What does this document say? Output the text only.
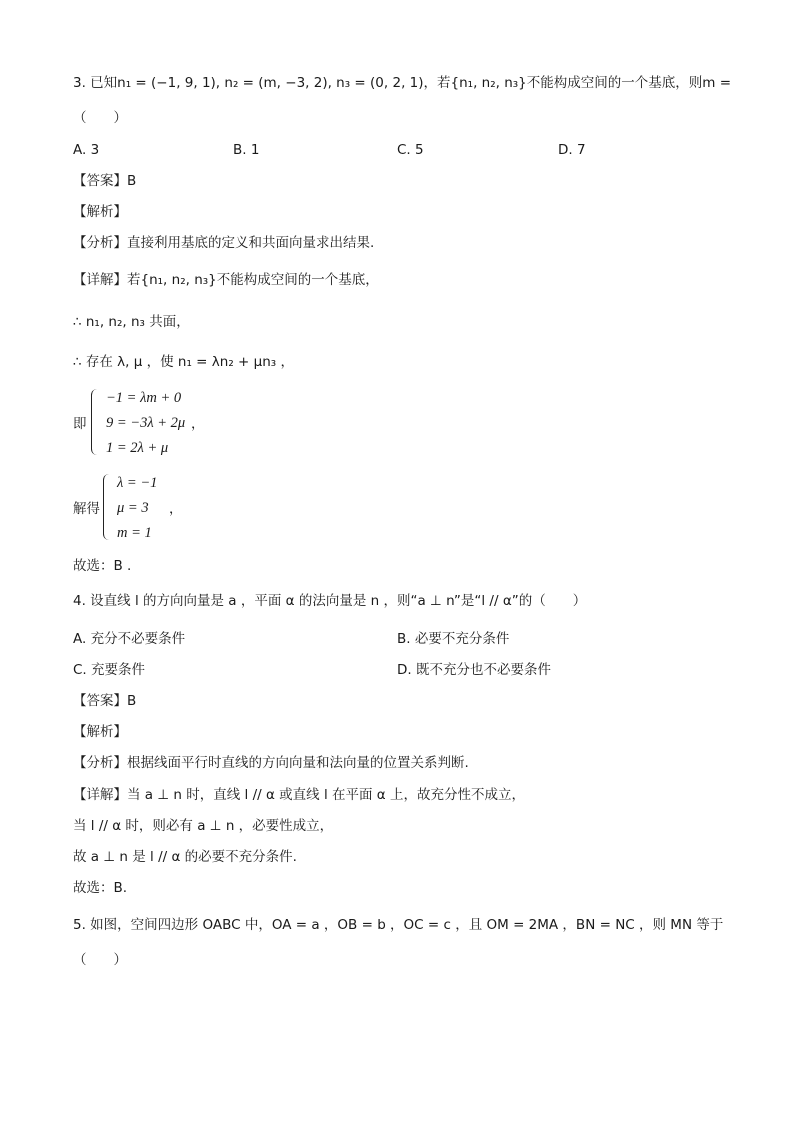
3. 已知n₁ = (−1, 9, 1), n₂ = (m, −3, 2), n₃ = (0, 2, 1)，若{n₁, n₂, n₃}不能构成空间的一个基底，则m =
（　　）
A. 3	B. 1	C. 5	D. 7
【答案】B
【解析】
【分析】直接利用基底的定义和共面向量求出结果.
【详解】若{n₁, n₂, n₃}不能构成空间的一个基底，
∴ n₁, n₂, n₃ 共面，
∴ 存在 λ, μ ，使 n₁ = λn₂ + μn₃ ，
即
−1 = λm + 0
9 = −3λ + 2μ
1 = 2λ + μ
，
解得
λ = −1
μ = 3
m = 1
，
故选：B .
4. 设直线 l 的方向向量是 a ，平面 α 的法向量是 n ，则“a ⊥ n”是“l // α”的（　　）
A. 充分不必要条件	B. 必要不充分条件
C. 充要条件	D. 既不充分也不必要条件
【答案】B
【解析】
【分析】根据线面平行时直线的方向向量和法向量的位置关系判断.
【详解】当 a ⊥ n 时，直线 l // α 或直线 l 在平面 α 上，故充分性不成立，
当 l // α 时，则必有 a ⊥ n ，必要性成立，
故 a ⊥ n 是 l // α 的必要不充分条件.
故选：B.
5. 如图，空间四边形 OABC 中，OA = a ，OB = b ，OC = c ，且 OM = 2MA ，BN = NC ，则 MN 等于
（　　）
